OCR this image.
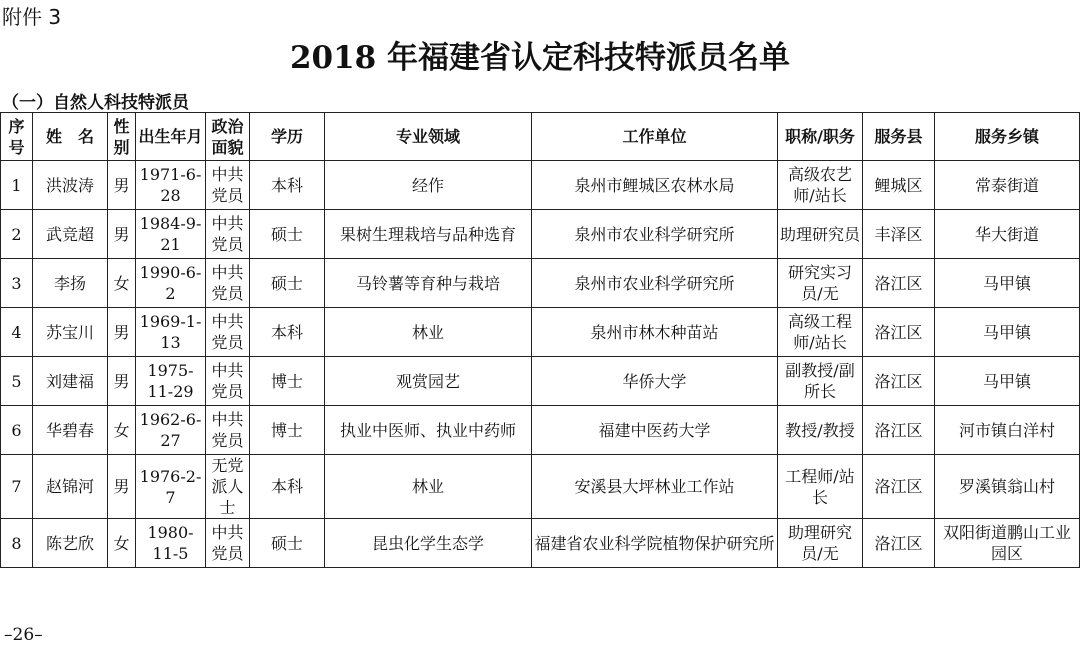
附件 3
2018 年福建省认定科技特派员名单
（一）自然人科技特派员
序号	姓　名	性别	出生年月	政治面貌	学历	专业领域	工作单位	职称/职务	服务县	服务乡镇
1	洪波涛	男	1971-6-28	中共党员	本科	经作	泉州市鲤城区农林水局	高级农艺师/站长	鲤城区	常泰街道
2	武竞超	男	1984-9-21	中共党员	硕士	果树生理栽培与品种选育	泉州市农业科学研究所	助理研究员	丰泽区	华大街道
3	李扬	女	1990-6-2	中共党员	硕士	马铃薯等育种与栽培	泉州市农业科学研究所	研究实习员/无	洛江区	马甲镇
4	苏宝川	男	1969-1-13	中共党员	本科	林业	泉州市林木种苗站	高级工程师/站长	洛江区	马甲镇
5	刘建福	男	1975-11-29	中共党员	博士	观赏园艺	华侨大学	副教授/副所长	洛江区	马甲镇
6	华碧春	女	1962-6-27	中共党员	博士	执业中医师、执业中药师	福建中医药大学	教授/教授	洛江区	河市镇白洋村
7	赵锦河	男	1976-2-7	无党派人士	本科	林业	安溪县大坪林业工作站	工程师/站长	洛江区	罗溪镇翁山村
8	陈艺欣	女	1980-11-5	中共党员	硕士	昆虫化学生态学	福建省农业科学院植物保护研究所	助理研究员/无	洛江区	双阳街道鹏山工业园区
–26–
